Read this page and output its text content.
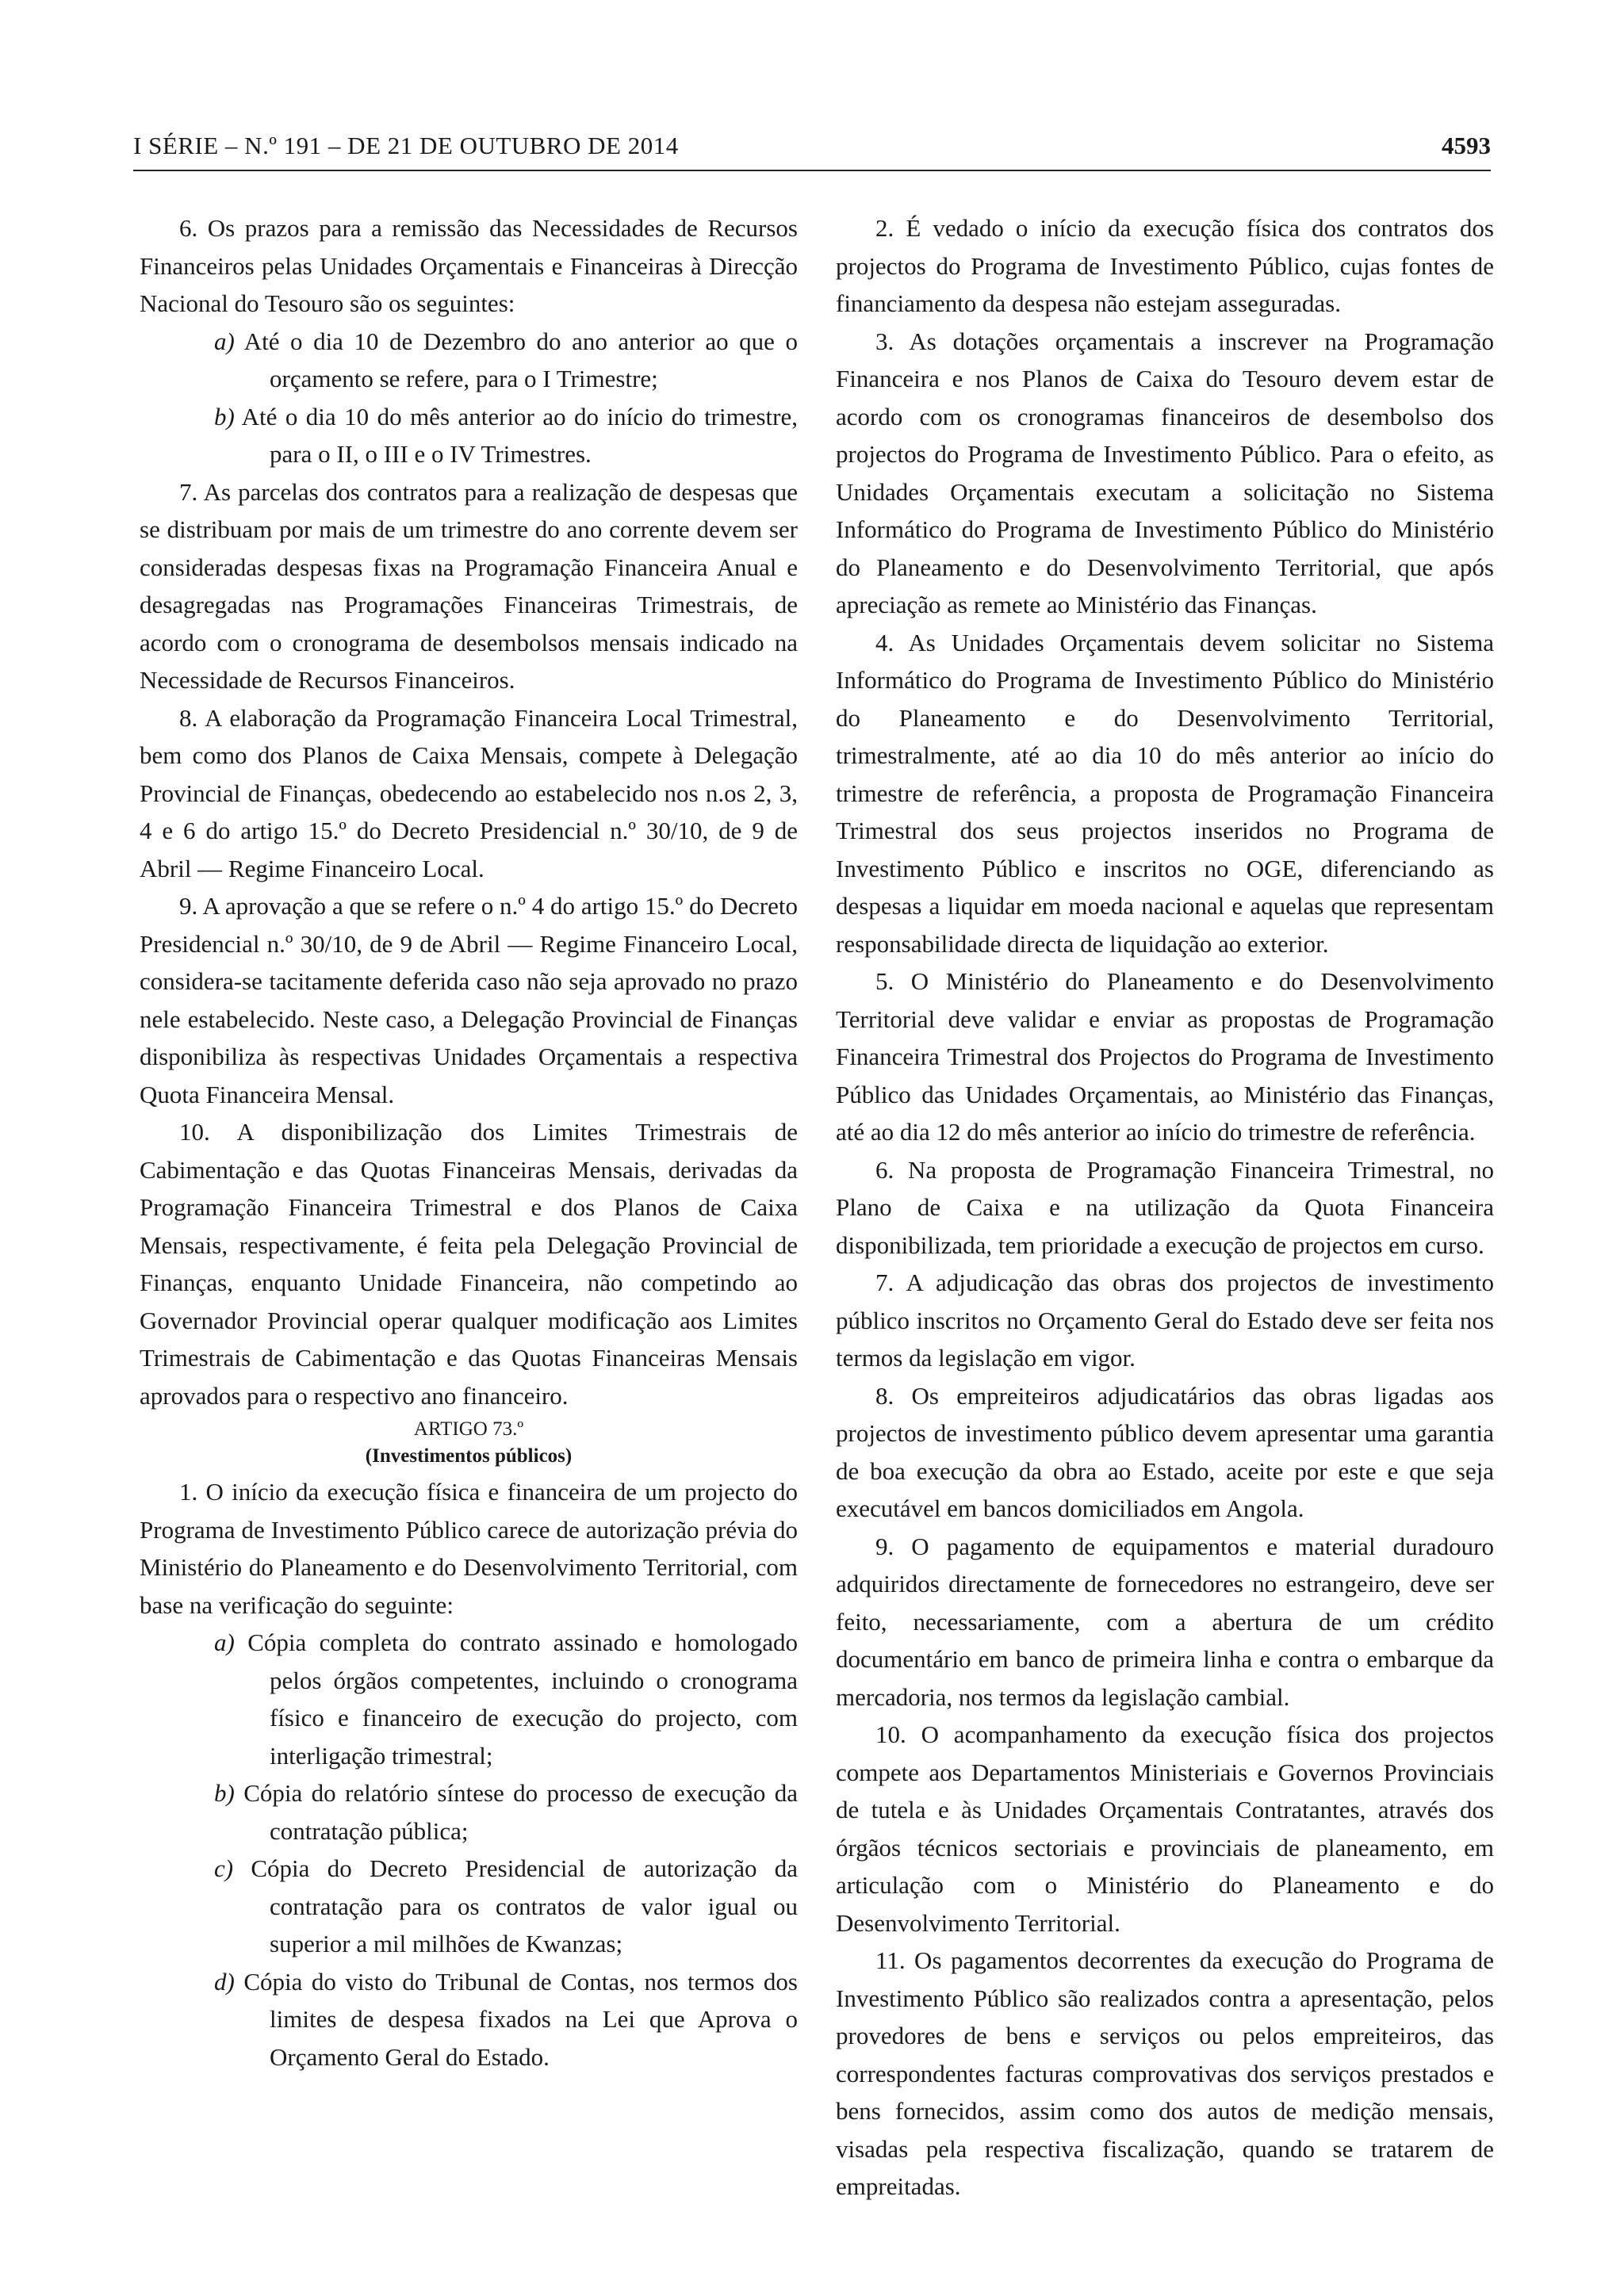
I SÉRIE – N.º 191 – DE 21 DE OUTUBRO DE 2014	4593

6. Os prazos para a remissão das Necessidades de Recursos Financeiros pelas Unidades Orçamentais e Financeiras à Direcção Nacional do Tesouro são os seguintes:

a) Até o dia 10 de Dezembro do ano anterior ao que o orçamento se refere, para o I Trimestre;

b) Até o dia 10 do mês anterior ao do início do trimestre, para o II, o III e o IV Trimestres.

7. As parcelas dos contratos para a realização de despesas que se distribuam por mais de um trimestre do ano corrente devem ser consideradas despesas fixas na Programação Financeira Anual e desagregadas nas Programações Financeiras Trimestrais, de acordo com o cronograma de desembolsos mensais indicado na Necessidade de Recursos Financeiros.

8. A elaboração da Programação Financeira Local Trimestral, bem como dos Planos de Caixa Mensais, compete à Delegação Provincial de Finanças, obedecendo ao estabelecido nos n.os 2, 3, 4 e 6 do artigo 15.º do Decreto Presidencial n.º 30/10, de 9 de Abril — Regime Financeiro Local.

9. A aprovação a que se refere o n.º 4 do artigo 15.º do Decreto Presidencial n.º 30/10, de 9 de Abril — Regime Financeiro Local, considera-se tacitamente deferida caso não seja aprovado no prazo nele estabelecido. Neste caso, a Delegação Provincial de Finanças disponibiliza às respectivas Unidades Orçamentais a respectiva Quota Financeira Mensal.

10. A disponibilização dos Limites Trimestrais de Cabimentação e das Quotas Financeiras Mensais, derivadas da Programação Financeira Trimestral e dos Planos de Caixa Mensais, respectivamente, é feita pela Delegação Provincial de Finanças, enquanto Unidade Financeira, não competindo ao Governador Provincial operar qualquer modificação aos Limites Trimestrais de Cabimentação e das Quotas Financeiras Mensais aprovados para o respectivo ano financeiro.

ARTIGO 73.º

(Investimentos públicos)

1. O início da execução física e financeira de um projecto do Programa de Investimento Público carece de autorização prévia do Ministério do Planeamento e do Desenvolvimento Territorial, com base na verificação do seguinte:

a) Cópia completa do contrato assinado e homologado pelos órgãos competentes, incluindo o cronograma físico e financeiro de execução do projecto, com interligação trimestral;

b) Cópia do relatório síntese do processo de execução da contratação pública;

c) Cópia do Decreto Presidencial de autorização da contratação para os contratos de valor igual ou superior a mil milhões de Kwanzas;

d) Cópia do visto do Tribunal de Contas, nos termos dos limites de despesa fixados na Lei que Aprova o Orçamento Geral do Estado.

2. É vedado o início da execução física dos contratos dos projectos do Programa de Investimento Público, cujas fontes de financiamento da despesa não estejam asseguradas.

3. As dotações orçamentais a inscrever na Programação Financeira e nos Planos de Caixa do Tesouro devem estar de acordo com os cronogramas financeiros de desembolso dos projectos do Programa de Investimento Público. Para o efeito, as Unidades Orçamentais executam a solicitação no Sistema Informático do Programa de Investimento Público do Ministério do Planeamento e do Desenvolvimento Territorial, que após apreciação as remete ao Ministério das Finanças.

4. As Unidades Orçamentais devem solicitar no Sistema Informático do Programa de Investimento Público do Ministério do Planeamento e do Desenvolvimento Territorial, trimestralmente, até ao dia 10 do mês anterior ao início do trimestre de referência, a proposta de Programação Financeira Trimestral dos seus projectos inseridos no Programa de Investimento Público e inscritos no OGE, diferenciando as despesas a liquidar em moeda nacional e aquelas que representam responsabilidade directa de liquidação ao exterior.

5. O Ministério do Planeamento e do Desenvolvimento Territorial deve validar e enviar as propostas de Programação Financeira Trimestral dos Projectos do Programa de Investimento Público das Unidades Orçamentais, ao Ministério das Finanças, até ao dia 12 do mês anterior ao início do trimestre de referência.

6. Na proposta de Programação Financeira Trimestral, no Plano de Caixa e na utilização da Quota Financeira disponibilizada, tem prioridade a execução de projectos em curso.

7. A adjudicação das obras dos projectos de investimento público inscritos no Orçamento Geral do Estado deve ser feita nos termos da legislação em vigor.

8. Os empreiteiros adjudicatários das obras ligadas aos projectos de investimento público devem apresentar uma garantia de boa execução da obra ao Estado, aceite por este e que seja executável em bancos domiciliados em Angola.

9. O pagamento de equipamentos e material duradouro adquiridos directamente de fornecedores no estrangeiro, deve ser feito, necessariamente, com a abertura de um crédito documentário em banco de primeira linha e contra o embarque da mercadoria, nos termos da legislação cambial.

10. O acompanhamento da execução física dos projectos compete aos Departamentos Ministeriais e Governos Provinciais de tutela e às Unidades Orçamentais Contratantes, através dos órgãos técnicos sectoriais e provinciais de planeamento, em articulação com o Ministério do Planeamento e do Desenvolvimento Territorial.

11. Os pagamentos decorrentes da execução do Programa de Investimento Público são realizados contra a apresentação, pelos provedores de bens e serviços ou pelos empreiteiros, das correspondentes facturas comprovativas dos serviços prestados e bens fornecidos, assim como dos autos de medição mensais, visadas pela respectiva fiscalização, quando se tratarem de empreitadas.
